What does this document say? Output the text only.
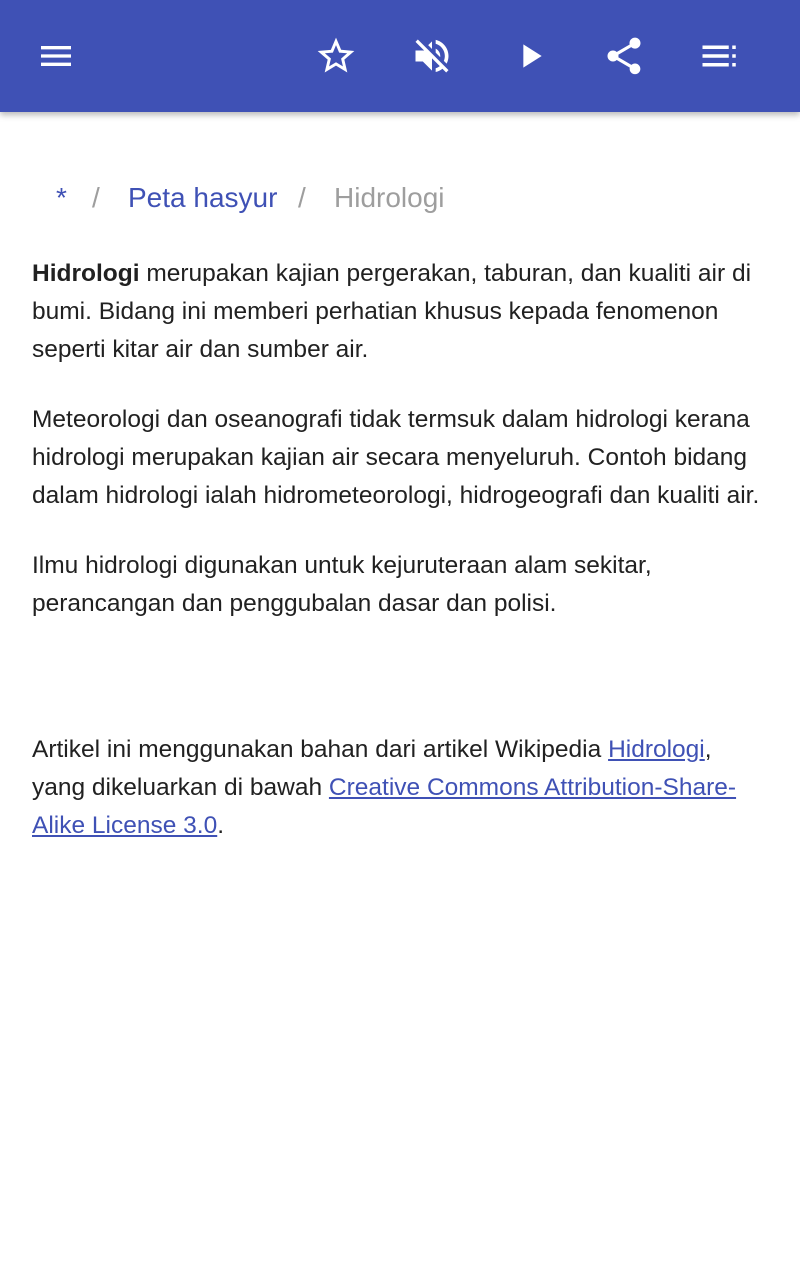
* / Peta hasyur / Hidrologi

Hidrologi merupakan kajian pergerakan, taburan, dan kualiti air di bumi. Bidang ini memberi perhatian khusus kepada fenomenon seperti kitar air dan sumber air.

Meteorologi dan oseanografi tidak termsuk dalam hidrologi kerana hidrologi merupakan kajian air secara menyeluruh. Contoh bidang dalam hidrologi ialah hidrometeorologi, hidrogeografi dan kualiti air.

Ilmu hidrologi digunakan untuk kejuruteraan alam sekitar, perancangan dan penggubalan dasar dan polisi.

Artikel ini menggunakan bahan dari artikel Wikipedia Hidrologi, yang dikeluarkan di bawah Creative Commons Attribution-Share-Alike License 3.0.
